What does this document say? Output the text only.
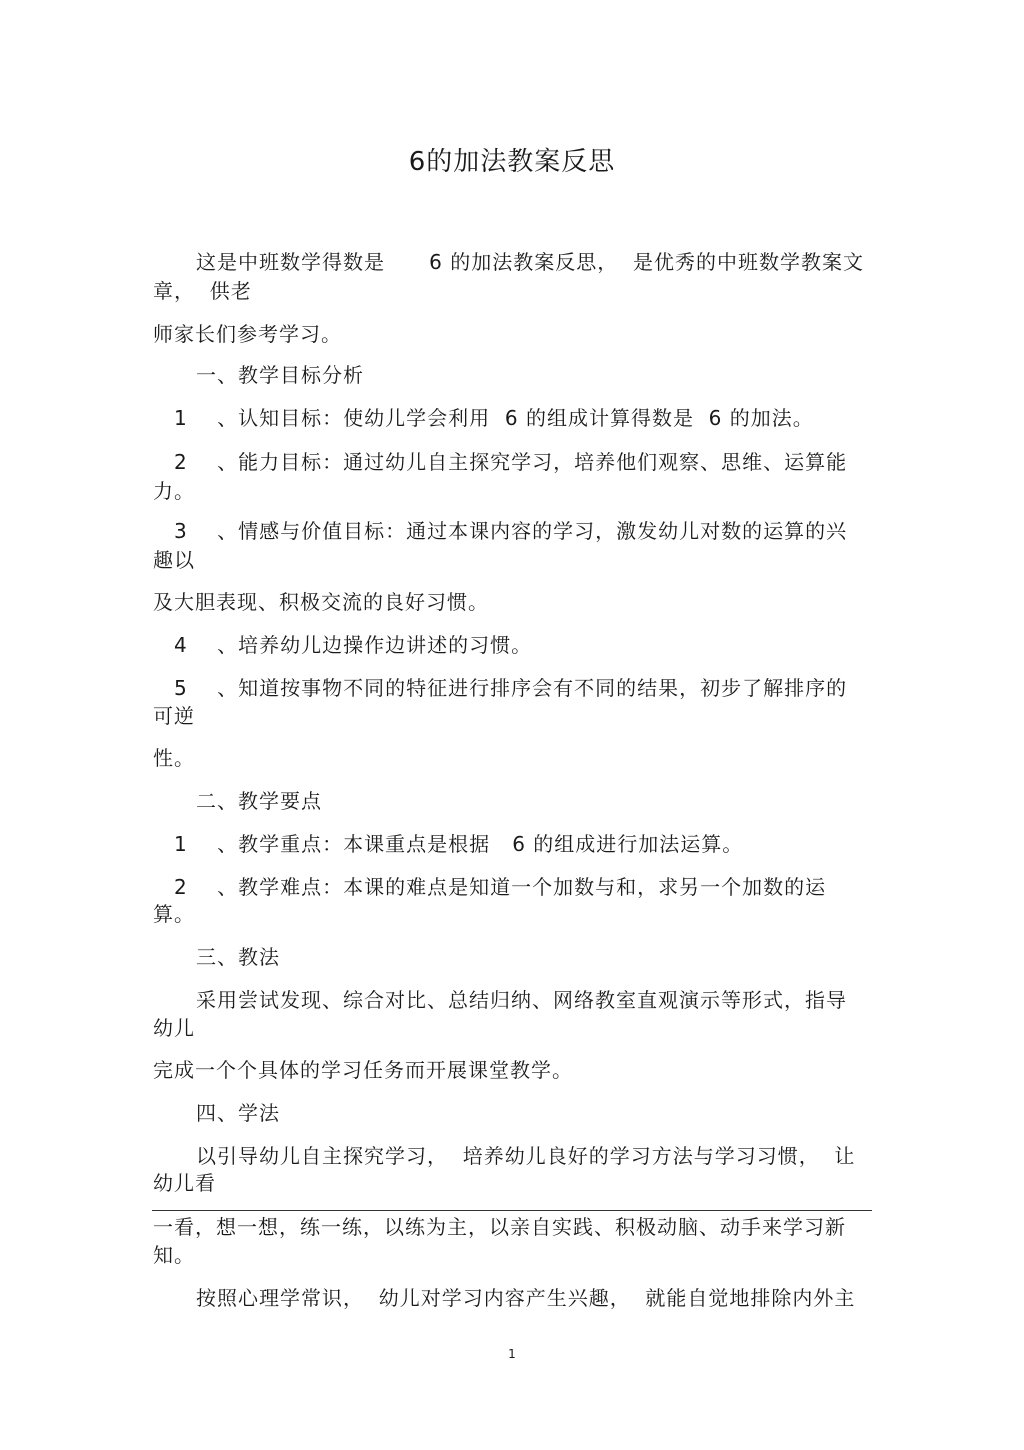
6的加法教案反思
这是中班数学得数是      6 的加法教案反思，  是优秀的中班数学教案文
章，  供老
师家长们参考学习。
一、教学目标分析
1    、认知目标：使幼儿学会利用  6 的组成计算得数是  6 的加法。
2    、能力目标：通过幼儿自主探究学习，培养他们观察、思维、运算能
力。
3    、情感与价值目标：通过本课内容的学习，激发幼儿对数的运算的兴
趣以
及大胆表现、积极交流的良好习惯。
4    、培养幼儿边操作边讲述的习惯。
5    、知道按事物不同的特征进行排序会有不同的结果，初步了解排序的
可逆
性。
二、教学要点
1    、教学重点：本课重点是根据   6 的组成进行加法运算。
2    、教学难点：本课的难点是知道一个加数与和，求另一个加数的运
算。
三、教法
采用尝试发现、综合对比、总结归纳、网络教室直观演示等形式，指导
幼儿
完成一个个具体的学习任务而开展课堂教学。
四、学法
以引导幼儿自主探究学习，  培养幼儿良好的学习方法与学习习惯，  让
幼儿看
一看，想一想，练一练，以练为主，以亲自实践、积极动脑、动手来学习新
知。
按照心理学常识，  幼儿对学习内容产生兴趣，  就能自觉地排除内外主
1
